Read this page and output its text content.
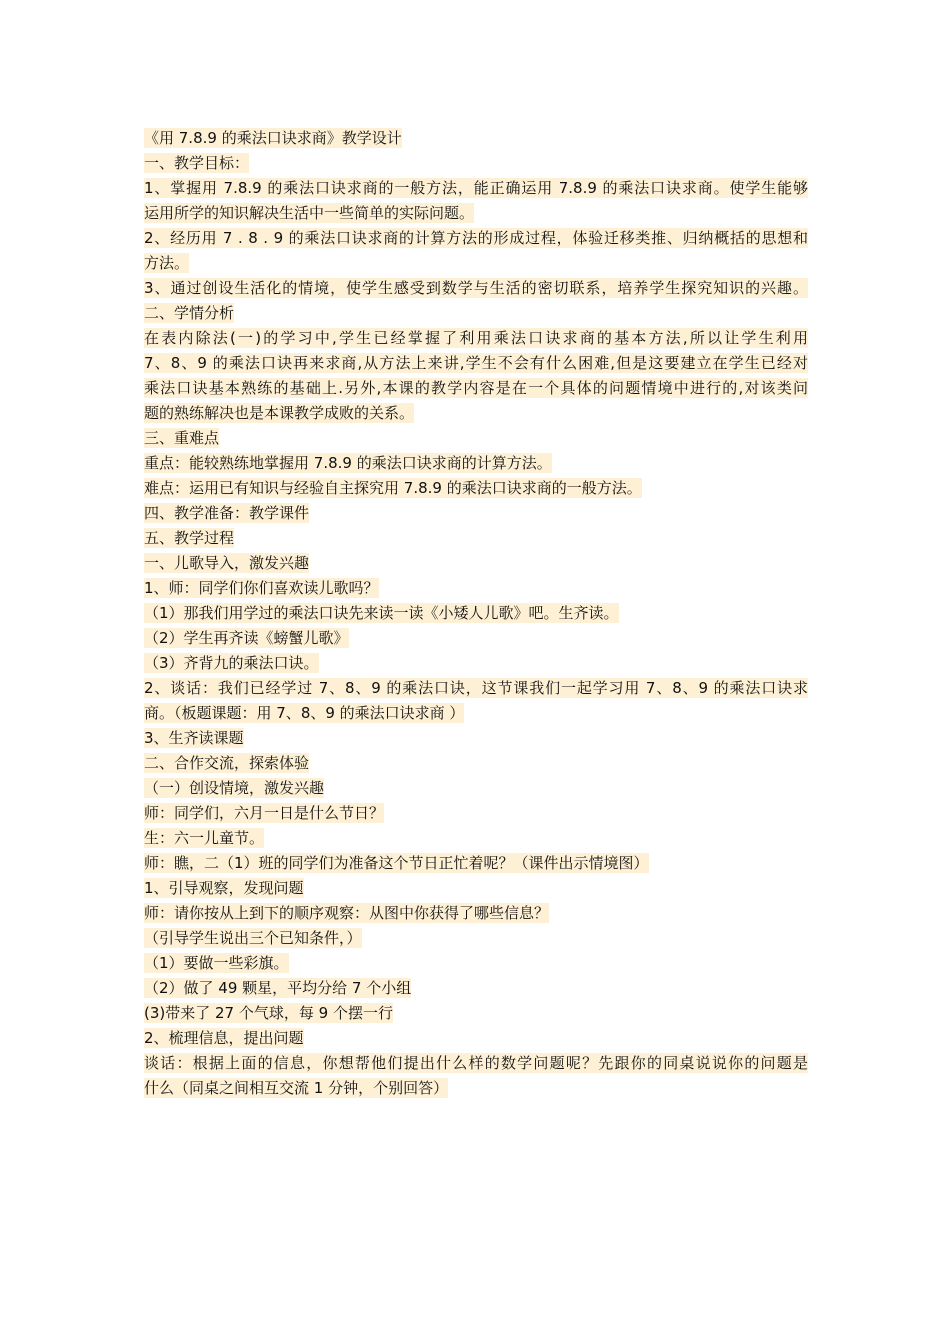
《用 7.8.9 的乘法口诀求商》教学设计
一、教学目标：
1、掌握用 7.8.9 的乘法口诀求商的一般方法，能正确运用 7.8.9 的乘法口诀求商。使学生能够
运用所学的知识解决生活中一些简单的实际问题。
2、经历用 7 . 8 . 9 的乘法口诀求商的计算方法的形成过程，体验迁移类推、归纳概括的思想和
方法。
3、通过创设生活化的情境，使学生感受到数学与生活的密切联系，培养学生探究知识的兴趣。
二、学情分析
在表内除法(一)的学习中,学生已经掌握了利用乘法口诀求商的基本方法,所以让学生利用
7、8、9 的乘法口诀再来求商,从方法上来讲,学生不会有什么困难,但是这要建立在学生已经对
乘法口诀基本熟练的基础上.另外,本课的教学内容是在一个具体的问题情境中进行的,对该类问
题的熟练解决也是本课教学成败的关系。
三、重难点
重点：能较熟练地掌握用 7.8.9 的乘法口诀求商的计算方法。
难点：运用已有知识与经验自主探究用 7.8.9 的乘法口诀求商的一般方法。
四、教学准备：教学课件
五、教学过程
一、儿歌导入，激发兴趣
1、师：同学们你们喜欢读儿歌吗？
（1）那我们用学过的乘法口诀先来读一读《小矮人儿歌》吧。生齐读。
（2）学生再齐读《螃蟹儿歌》
（3）齐背九的乘法口诀。
2、谈话：我们已经学过 7、8、9 的乘法口诀，这节课我们一起学习用 7、8、9 的乘法口诀求
商。（板题课题：用 7、8、9 的乘法口诀求商 ）
3、生齐读课题
二、合作交流，探索体验
（一）创设情境，激发兴趣
师：同学们，六月一日是什么节日？
生：六一儿童节。
师：瞧，二（1）班的同学们为准备这个节日正忙着呢？（课件出示情境图）
1、引导观察，发现问题
师：请你按从上到下的顺序观察：从图中你获得了哪些信息？
（引导学生说出三个已知条件，）
（1）要做一些彩旗。
（2）做了 49 颗星，平均分给 7 个小组
(3)带来了 27 个气球，每 9 个摆一行
2、梳理信息，提出问题
谈话：根据上面的信息，你想帮他们提出什么样的数学问题呢？先跟你的同桌说说你的问题是
什么（同桌之间相互交流 1 分钟，个别回答）
